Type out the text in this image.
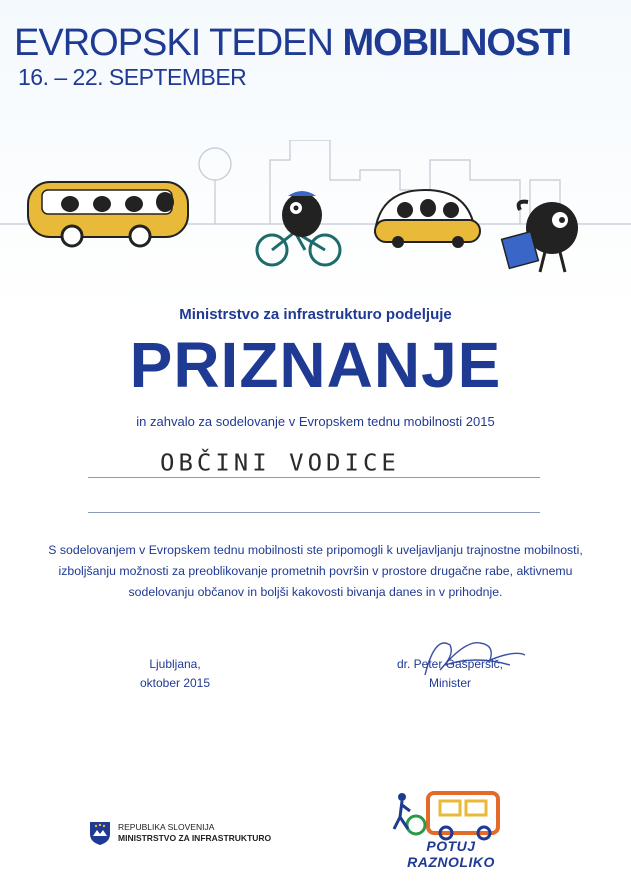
EVROPSKI TEDEN MOBILNOSTI
16. – 22. SEPTEMBER
Ministrstvo za infrastrukturo podeljuje
PRIZNANJE
in zahvalo za sodelovanje v Evropskem tednu mobilnosti 2015
OBČINI VODICE
S sodelovanjem v Evropskem tednu mobilnosti ste pripomogli k uveljavljanju trajnostne mobilnosti, izboljšanju možnosti za preoblikovanje prometnih površin v prostore drugačne rabe, aktivnemu sodelovanju občanov in boljši kakovosti bivanja danes in v prihodnje.
Ljubljana,
oktober 2015
dr. Peter Gašperšič,
Minister
REPUBLIKA SLOVENIJA
MINISTRSTVO ZA INFRASTRUKTURO	POTUJ RAZNOLIKO
